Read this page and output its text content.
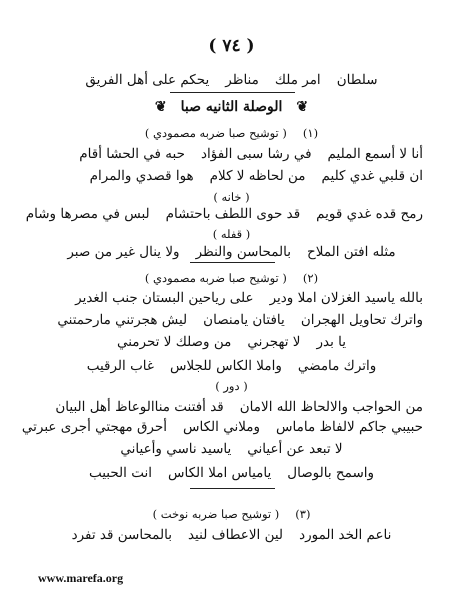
( ٧٤ )
سلطانامر ملكمناظريحكم على أهل الفريق
❦الوصلة الثانيه صبا❦
(١)( توشيح صبا ضربه مصمودي )
أنا لا أسمع المليمفي رشا سبى الفؤادحبه في الحشا أقام
ان قلبي غدي كليممن لحاظه لا كلامهوا قصدي والمرام
( خانه )
رمح قده غدي قويمقد حوى اللطف باحتشاملبس في مصرها وشام
( قفله )
مثله افتن الملاحبالمحاسن والنظرولا ينال غير من صبر
(٢)( توشيح صبا ضربه مصمودي )
بالله ياسيد الغزلان املا وديرعلى رياحين البستان جنب الغدير
واترك تحاويل الهجرانيافتان يامنصانليش هجرتني مارحمتني
يا بدرلا تهجرنيمن وصلك لا تحرمني
واترك مامضيواملا الكاس للجلاسغاب الرقيب
( دور )
من الحواجب والالحاظ الله الامانقد أفتنت مناالوعاظ أهل البيان
حبيبي جاكم لالفاظ ماماسوملاني الكاسأحرق مهجتي أجرى عبرتي
لا تبعد عن أعيانيياسيد ناسي وأعياني
واسمح بالوصاليامياس املا الكاسانت الحبيب
(٣)( توشيح صبا ضربه نوخت )
ناعم الخد الموردلين الاعطاف لنيدبالمحاسن قد تفرد
www.marefa.org
